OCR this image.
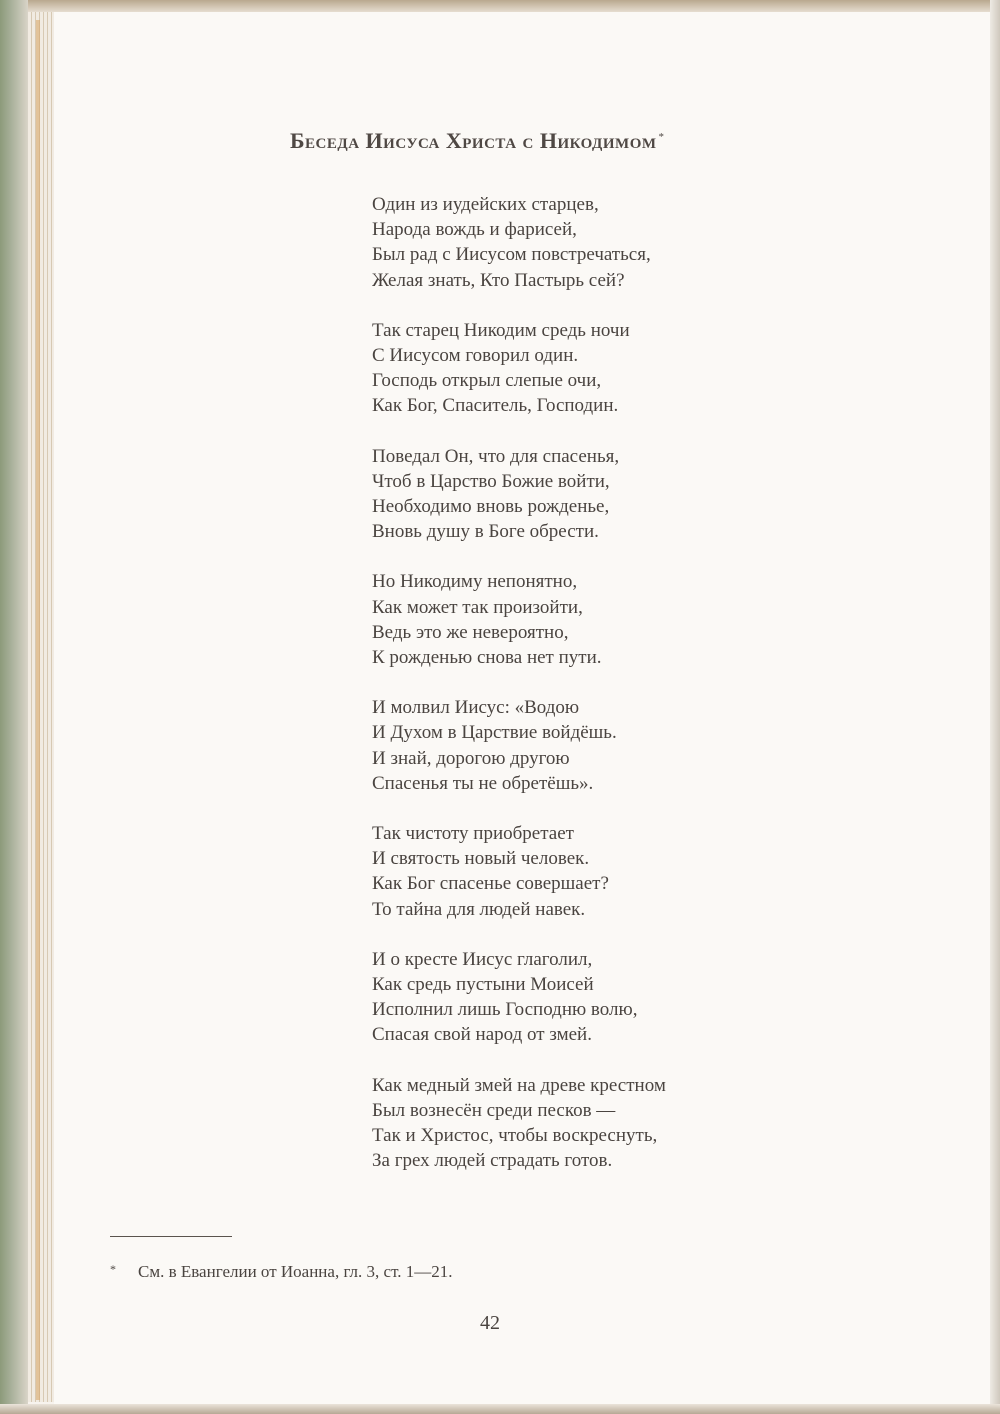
Беседа Иисуса Христа с Никодимом *
Один из иудейских старцев,
Народа вождь и фарисей,
Был рад с Иисусом повстречаться,
Желая знать, Кто Пастырь сей?
Так старец Никодим средь ночи
С Иисусом говорил один.
Господь открыл слепые очи,
Как Бог, Спаситель, Господин.
Поведал Он, что для спасенья,
Чтоб в Царство Божие войти,
Необходимо вновь рожденье,
Вновь душу в Боге обрести.
Но Никодиму непонятно,
Как может так произойти,
Ведь это же невероятно,
К рожденью снова нет пути.
И молвил Иисус: «Водою
И Духом в Царствие войдёшь.
И знай, дорогою другою
Спасенья ты не обретёшь».
Так чистоту приобретает
И святость новый человек.
Как Бог спасенье совершает?
То тайна для людей навек.
И о кресте Иисус глаголил,
Как средь пустыни Моисей
Исполнил лишь Господню волю,
Спасая свой народ от змей.
Как медный змей на древе крестном
Был вознесён среди песков —
Так и Христос, чтобы воскреснуть,
За грех людей страдать готов.
* См. в Евангелии от Иоанна, гл. 3, ст. 1—21.
42
